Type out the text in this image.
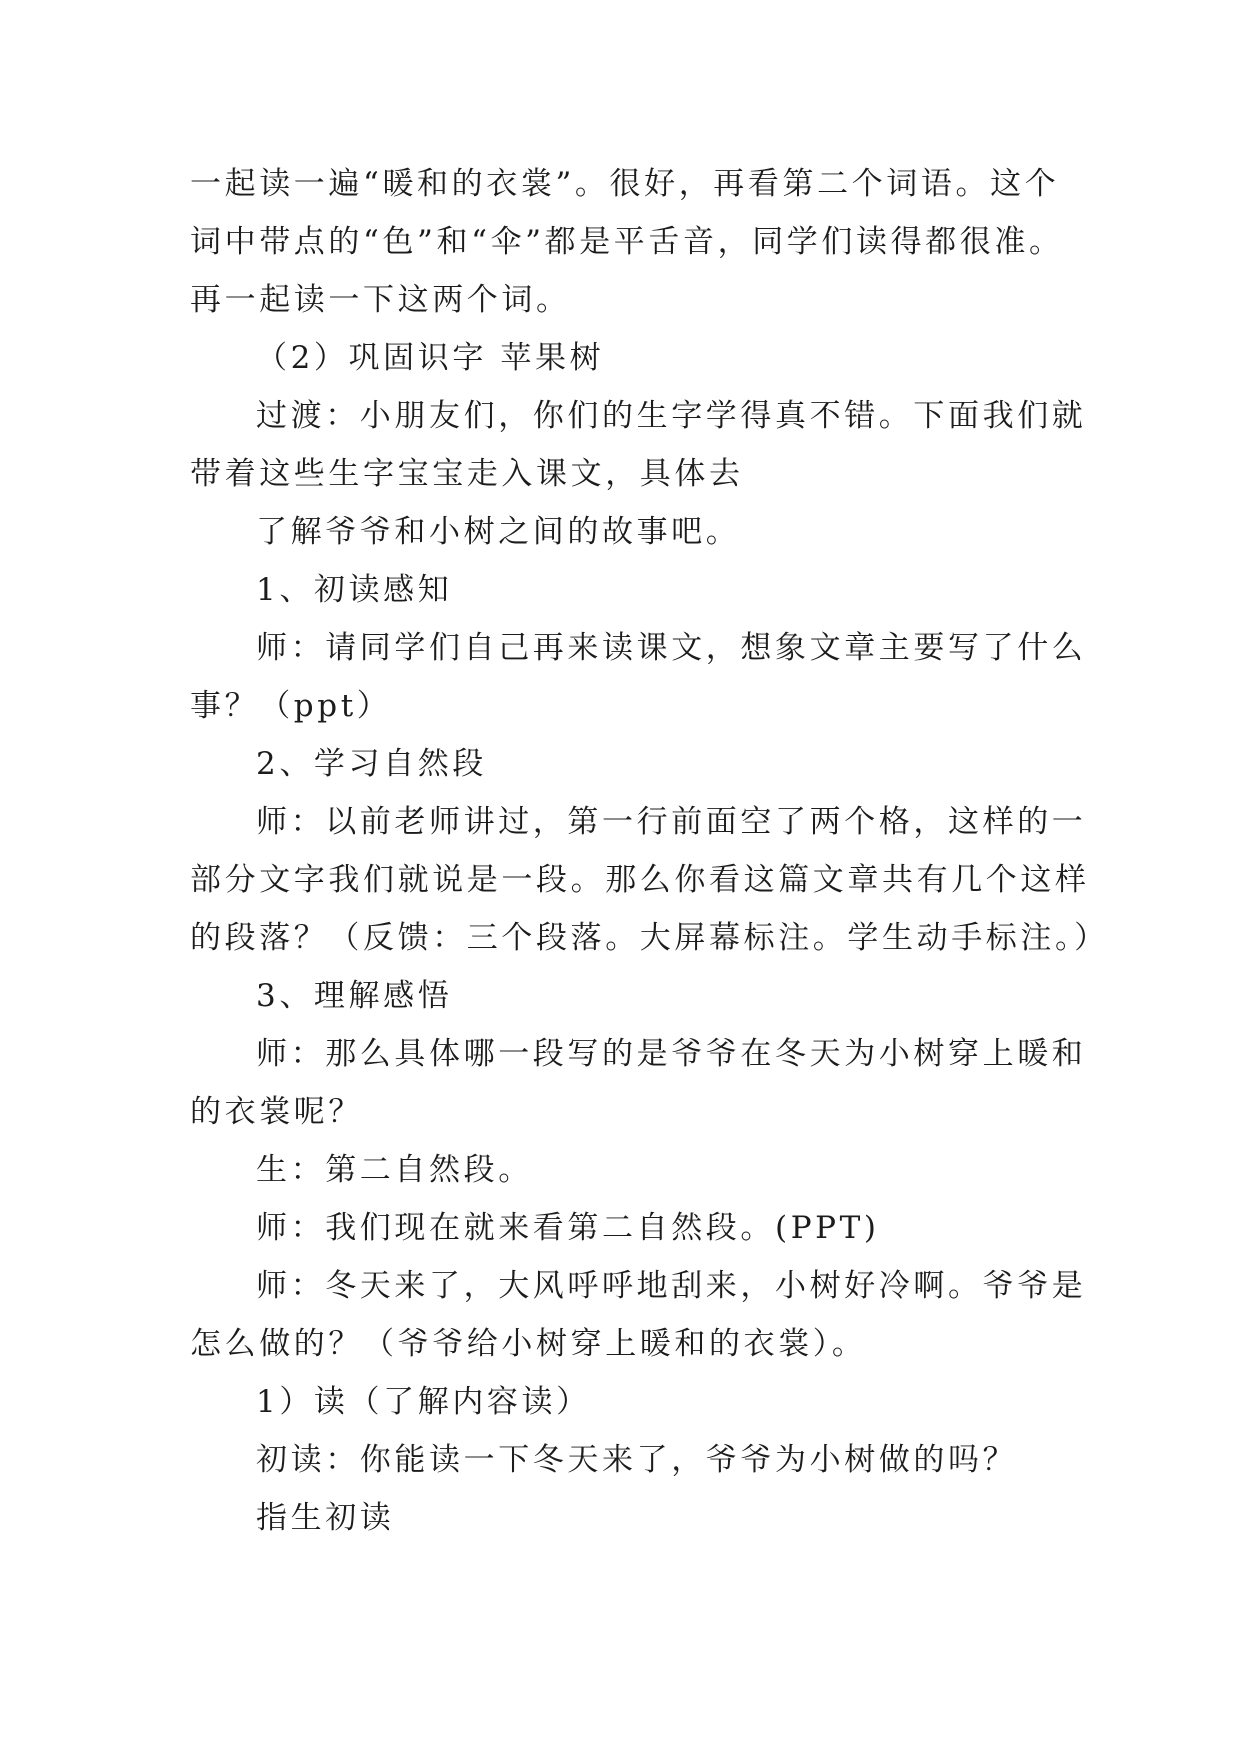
一起读一遍“暖和的衣裳”。很好，再看第二个词语。这个
词中带点的“色”和“伞”都是平舌音，同学们读得都很准。
再一起读一下这两个词。
（2）巩固识字 苹果树
过渡：小朋友们，你们的生字学得真不错。下面我们就
带着这些生字宝宝走入课文，具体去
了解爷爷和小树之间的故事吧。
1、初读感知
师：请同学们自己再来读课文，想象文章主要写了什么
事？（ppt）
2、学习自然段
师：以前老师讲过，第一行前面空了两个格，这样的一
部分文字我们就说是一段。那么你看这篇文章共有几个这样
的段落？（反馈：三个段落。大屏幕标注。学生动手标注。）
3、理解感悟
师：那么具体哪一段写的是爷爷在冬天为小树穿上暖和
的衣裳呢？
生：第二自然段。
师：我们现在就来看第二自然段。(PPT)
师：冬天来了，大风呼呼地刮来，小树好冷啊。爷爷是
怎么做的？（爷爷给小树穿上暖和的衣裳）。
1）读（了解内容读）
初读：你能读一下冬天来了，爷爷为小树做的吗？
指生初读
